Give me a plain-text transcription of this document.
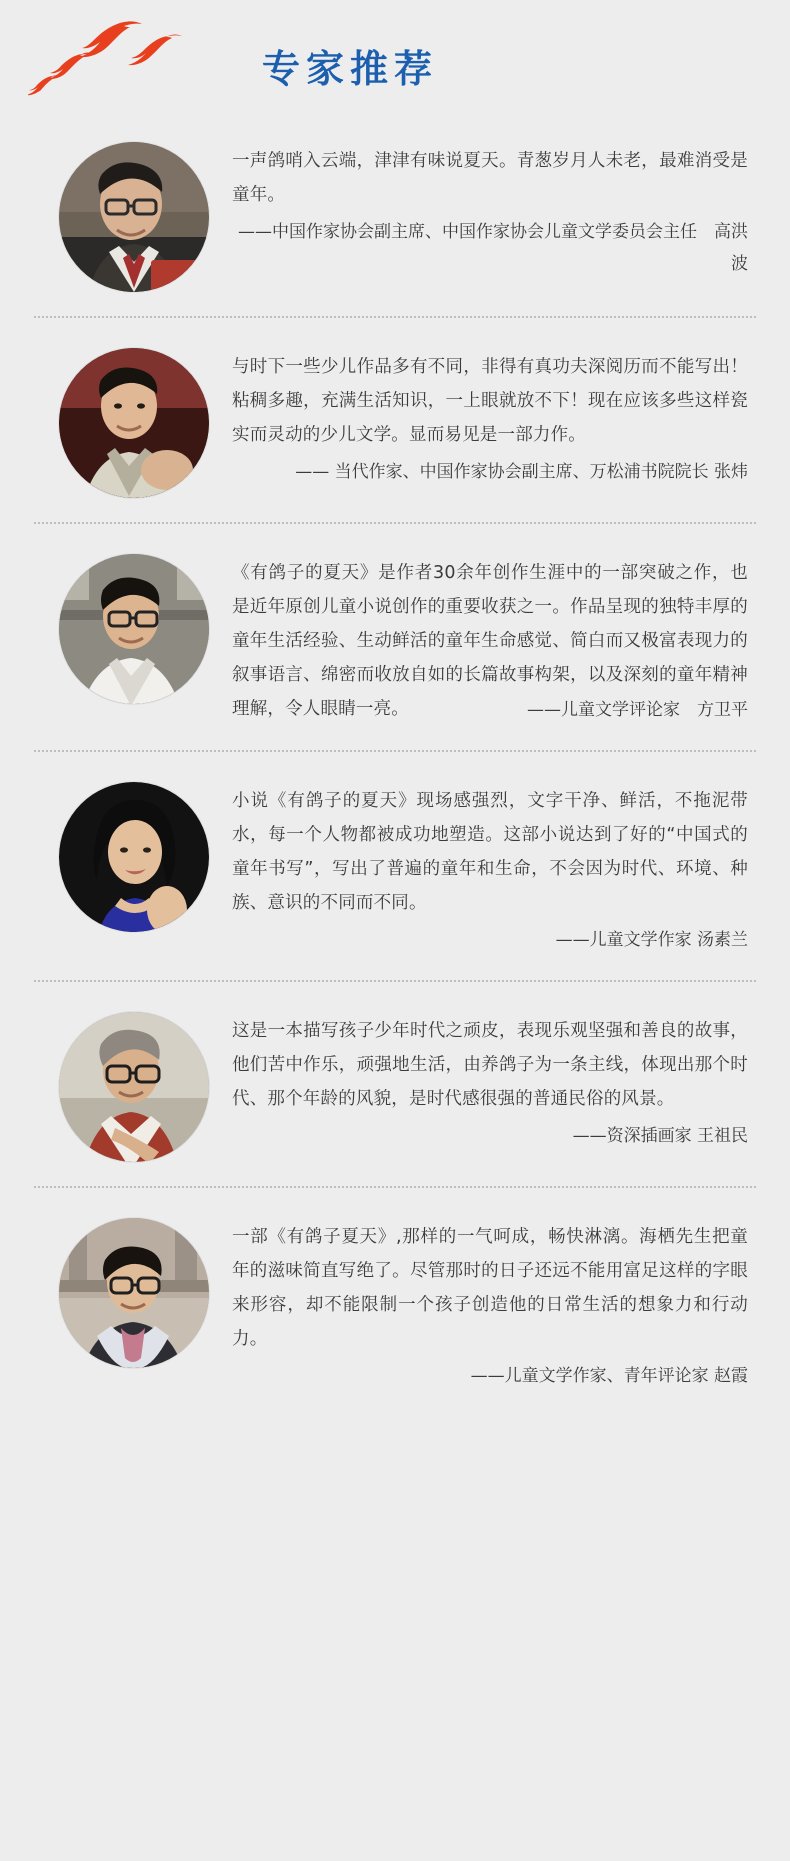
专家推荐
一声鸽哨入云端，津津有味说夏天。青葱岁月人未老，最难消受是童年。
——中国作家协会副主席、中国作家协会儿童文学委员会主任　高洪波
与时下一些少儿作品多有不同，非得有真功夫深阅历而不能写出！粘稠多趣，充满生活知识，一上眼就放不下！现在应该多些这样瓷实而灵动的少儿文学。显而易见是一部力作。
—— 当代作家、中国作家协会副主席、万松浦书院院长 张炜
《有鸽子的夏天》是作者30余年创作生涯中的一部突破之作，也是近年原创儿童小说创作的重要收获之一。作品呈现的独特丰厚的童年生活经验、生动鲜活的童年生命感觉、简白而又极富表现力的叙事语言、绵密而收放自如的长篇故事构架，以及深刻的童年精神理解，令人眼睛一亮。	——儿童文学评论家　方卫平
小说《有鸽子的夏天》现场感强烈，文字干净、鲜活，不拖泥带水，每一个人物都被成功地塑造。这部小说达到了好的“中国式的童年书写”，写出了普遍的童年和生命，不会因为时代、环境、种族、意识的不同而不同。
——儿童文学作家 汤素兰
这是一本描写孩子少年时代之顽皮，表现乐观坚强和善良的故事，他们苦中作乐，顽强地生活，由养鸽子为一条主线，体现出那个时代、那个年龄的风貌，是时代感很强的普通民俗的风景。
——资深插画家 王祖民
一部《有鸽子夏天》,那样的一气呵成，畅快淋漓。海栖先生把童年的滋味简直写绝了。尽管那时的日子还远不能用富足这样的字眼来形容，却不能限制一个孩子创造他的日常生活的想象力和行动力。
——儿童文学作家、青年评论家 赵霞
